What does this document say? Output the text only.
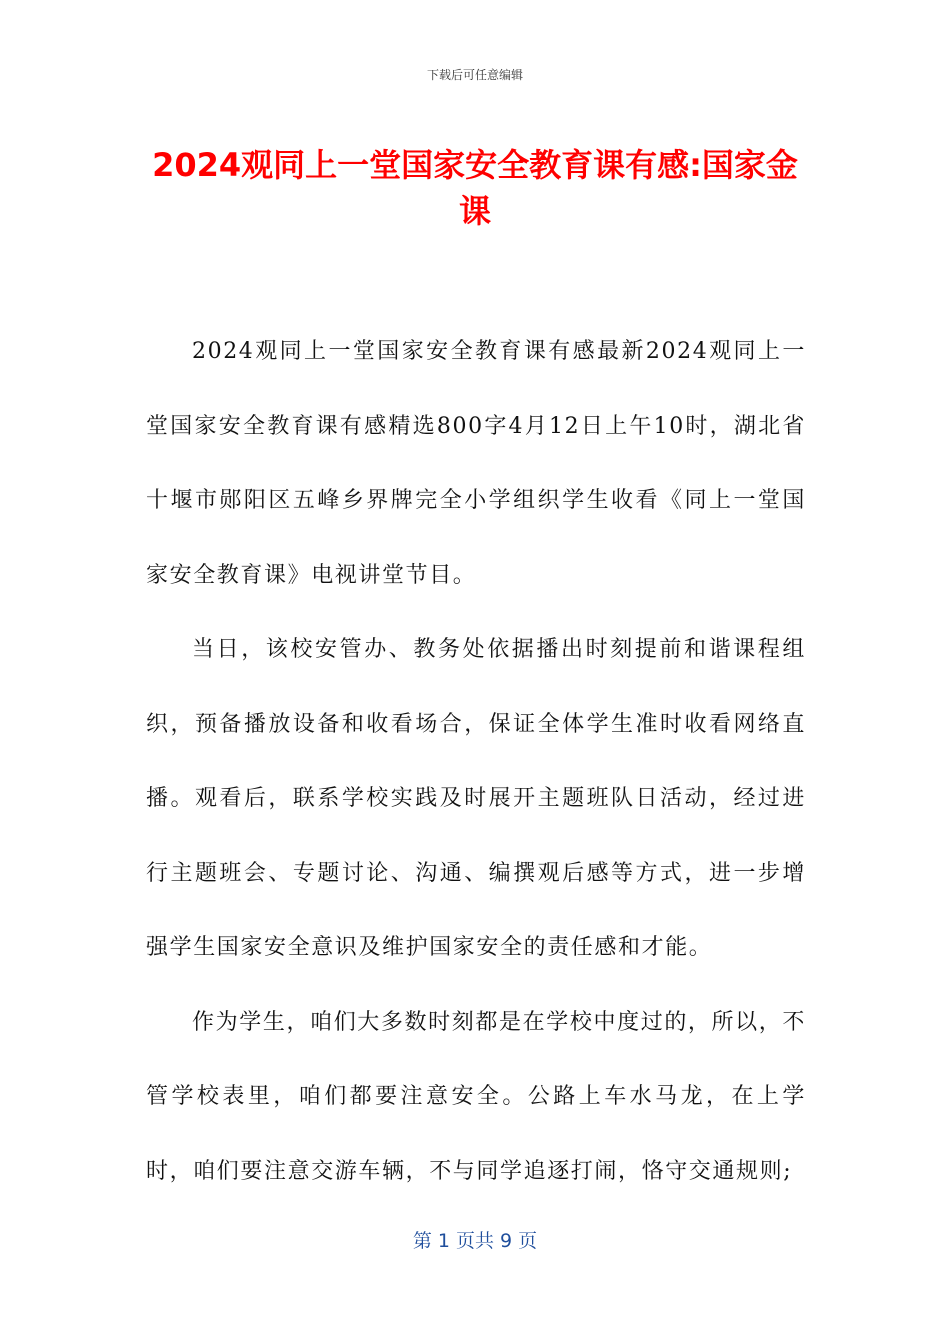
下载后可任意编辑
2024观同上一堂国家安全教育课有感:国家金课

2024观同上一堂国家安全教育课有感最新2024观同上一堂国家安全教育课有感精选800字4月12日上午10时，湖北省十堰市郧阳区五峰乡界牌完全小学组织学生收看《同上一堂国家安全教育课》电视讲堂节目。

当日，该校安管办、教务处依据播出时刻提前和谐课程组织，预备播放设备和收看场合，保证全体学生准时收看网络直播。观看后，联系学校实践及时展开主题班队日活动，经过进行主题班会、专题讨论、沟通、编撰观后感等方式，进一步增强学生国家安全意识及维护国家安全的责任感和才能。

作为学生，咱们大多数时刻都是在学校中度过的，所以，不管学校表里，咱们都要注意安全。公路上车水马龙，在上学时，咱们要注意交游车辆，不与同学追逐打闹，恪守交通规则;

第 1 页共 9 页
